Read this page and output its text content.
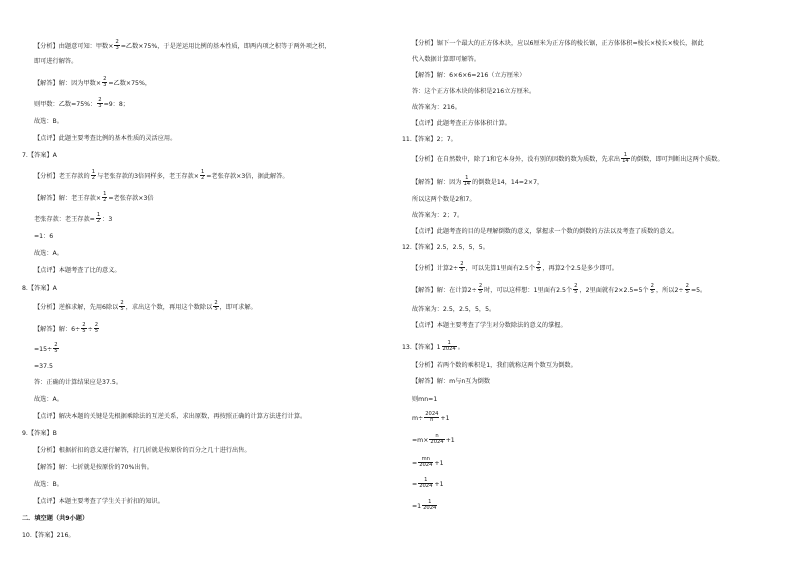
【分析】由题意可知：甲数× $\frac{2}{3}$ =乙数×75%，于是逆运用比例的基本性质，即两内项之积等于两外项之积，
即可进行解答。
【解答】解：因为甲数× $\frac{2}{3}$ =乙数×75%，
则甲数：乙数=75%： $\frac{2}{3} =9$：8；
故选：B。
【点评】此题主要考查比例的基本性质的灵活应用。
7.【答案】A
【分析】老王存款的 $\frac{1}{2}$ 与老张存款的3倍同样多，老王存款× $\frac{1}{2}$ =老张存款×3倍，据此解答。
【解答】解：老王存款× $\frac{1}{2}$ =老张存款×3倍
老张存款：老王存款= $\frac{1}{2}$ ：3
=1：6
故选：A。
【点评】本题考查了比的意义。
8.【答案】A
【分析】逆推求解，先用6除以 $\frac{2}{5}$ ，求出这个数，再用这个数除以 $\frac{2}{5}$ ，即可求解。
【解答】解：$6\div \frac{2}{5} \div \frac{2}{5}$
$=15\div \frac{2}{5}$
=37.5
答：正确的计算结果应是37.5。
故选：A。
【点评】解决本题的关键是先根据乘除法的互逆关系，求出原数，再按照正确的计算方法进行计算。
9.【答案】B
【分析】根据折扣的意义进行解答，打几折就是按原价的百分之几十进行出售。
【解答】解：七折就是按原价的70%出售。
故选：B。
【点评】本题主要考查了学生关于折扣的知识。
二．填空题（共9小题）
10.【答案】216。
【分析】锯下一个最大的正方体木块，应以6厘米为正方体的棱长锯，正方体体积=棱长×棱长×棱长，据此
代入数据计算即可解答。
【解答】解：6×6×6=216（立方厘米）
答：这个正方体木块的体积是216立方厘米。
故答案为：216。
【点评】此题考查正方体体积计算。
11.【答案】2；7。
【分析】在自然数中，除了1和它本身外，没有别的因数的数为质数，先求出 $\frac{1}{14}$ 的倒数，即可判断出这两个质数。
【解答】解：因为 $\frac{1}{14}$ 的倒数是14，14=2×7，
所以这两个数是2和7。
故答案为：2；7。
【点评】此题考查的目的是理解倒数的意义，掌握求一个数的倒数的方法以及考查了质数的意义。
12.【答案】2.5，2.5，5，5。
【分析】计算$2\div \frac{2}{5}$ ，可以先算1里面有2.5个 $\frac{2}{5}$ ，再算2个2.5是多少即可。
【解答】解：在计算$2\div \frac{2}{5}$ 时，可以这样想：1里面有2.5个 $\frac{2}{5}$ ，2里面就有2×2.5=5个 $\frac{2}{5}$ ，所以$2\div \frac{2}{5} =5$。
故答案为：2.5，2.5，5，5。
【点评】本题主要考查了学生对分数除法的意义的掌握。
13.【答案】$1 \frac{1}{2024}$ 。
【分析】若两个数的乘积是1，我们就称这两个数互为倒数。
【解答】解：m与n互为倒数
则mn=1
$m\div \frac{2024}{n} +1$
$=m\times \frac{n}{2024} +1$
= $\frac{mn}{2024} +1$
= $\frac{1}{2024} +1$
$=1 \frac{1}{2024}$
